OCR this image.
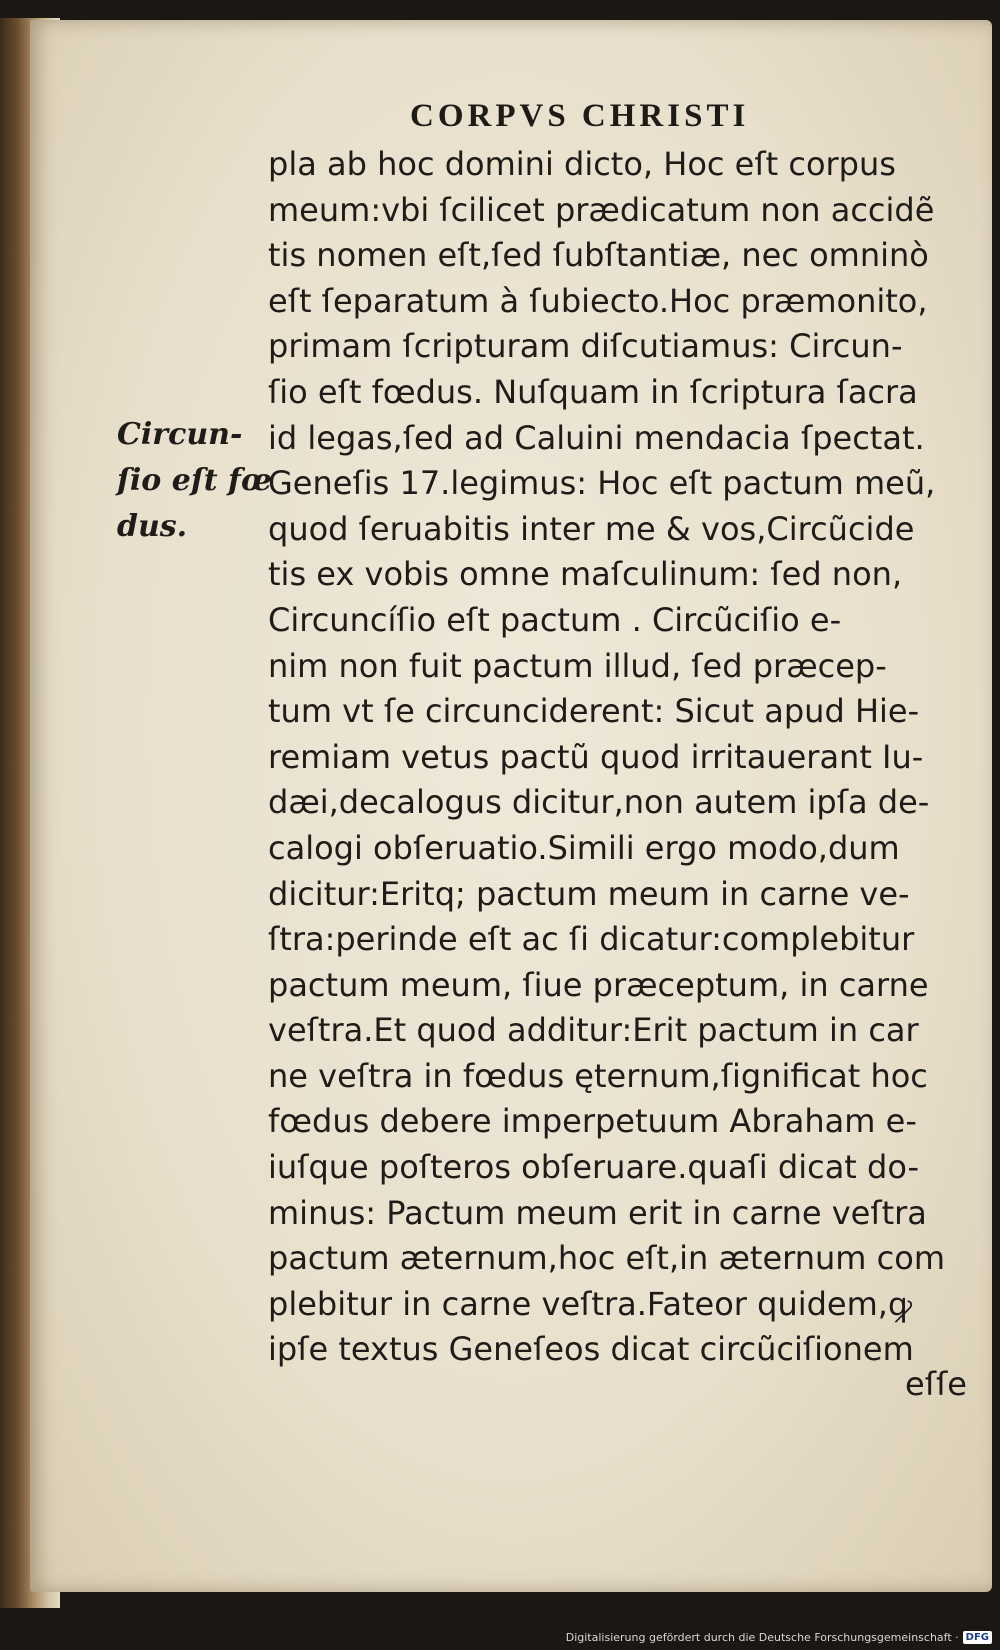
CORPVS CHRISTI
Circun-
ſio eſt fœ
dus.
pla ab hoc domini dicto, Hoc eſt corpus
meum:vbi ſcilicet prædicatum non accidẽ
tis nomen eſt,ſed ſubſtantiæ, nec omninò
eſt ſeparatum à ſubiecto.Hoc præmonito,
primam ſcripturam diſcutiamus: Circun-
ſio eſt fœdus. Nuſquam in ſcriptura ſacra
id legas,ſed ad Caluini mendacia ſpectat.
Geneſis 17.legimus: Hoc eſt pactum meũ,
quod ſeruabitis inter me & vos,Circũcide
tis ex vobis omne maſculinum: ſed non,
Circuncíſio eſt pactum . Circũciſio e-
nim non fuit pactum illud, ſed præcep-
tum vt ſe circunciderent: Sicut apud Hie-
remiam vetus pactũ quod irritauerant Iu-
dæi,decalogus dicitur,non autem ipſa de-
calogi obſeruatio.Simili ergo modo,dum
dicitur:Eritq; pactum meum in carne ve-
ſtra:perinde eſt ac ſi dicatur:complebitur
pactum meum, ſiue præceptum, in carne
veſtra.Et quod additur:Erit pactum in car
ne veſtra in fœdus ęternum,ſignificat hoc
fœdus debere imperpetuum Abraham e-
iuſque poſteros obſeruare.quaſi dicat do-
minus: Pactum meum erit in carne veſtra
pactum æternum,hoc eſt,in æternum com
plebitur in carne veſtra.Fateor quidem,ꝙ
ipſe textus Geneſeos dicat circũciſionem
eſſe
Digitalisierung gefördert durch die Deutsche Forschungsgemeinschaft · DFG
